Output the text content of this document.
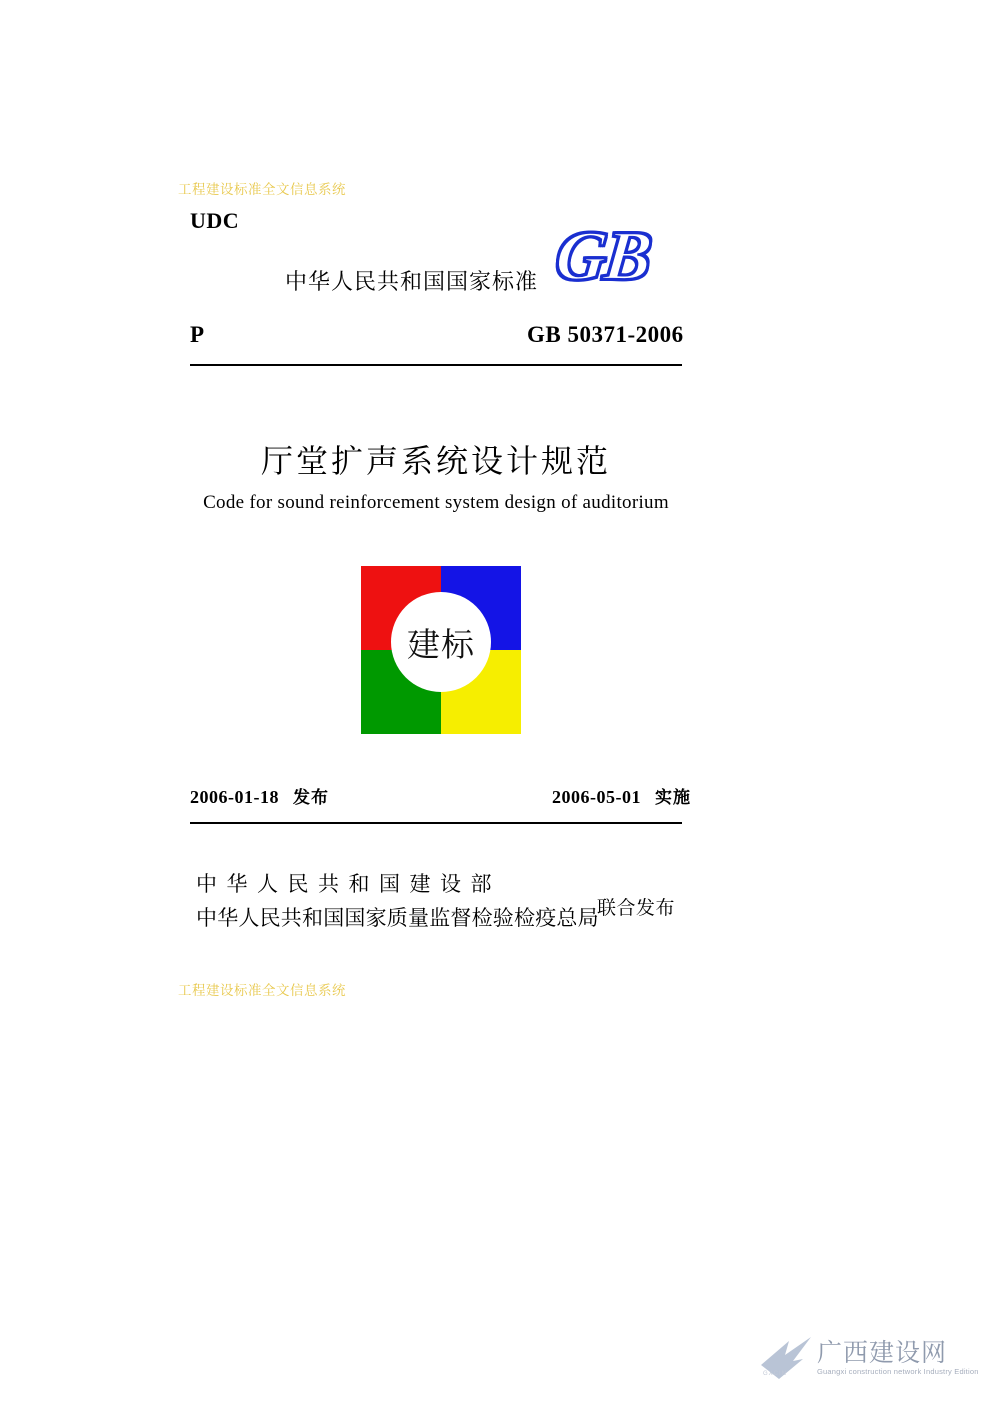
工程建设标准全文信息系统
UDC
中华人民共和国国家标准 GB
P	GB 50371-2006
厅堂扩声系统设计规范
Code for sound reinforcement system design of auditorium
建标
2006-01-18 发布	2006-05-01 实施
中华人民共和国建设部
中华人民共和国国家质量监督检验检疫总局
联合发布
工程建设标准全文信息系统
GXCIN
广西建设网
Guangxi construction network Industry Edition
